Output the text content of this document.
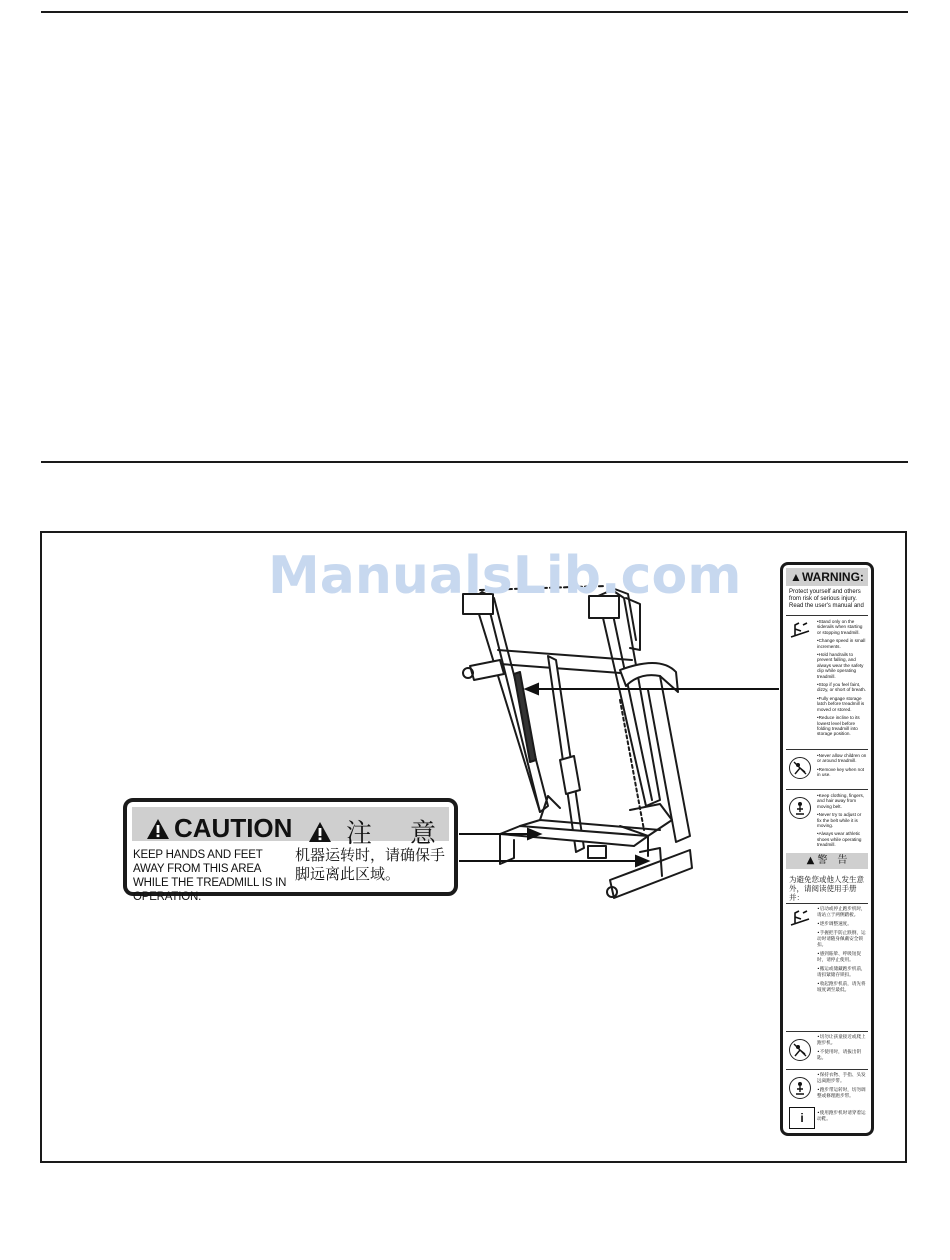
ManualsLib.com
CAUTION 注 意
KEEP HANDS AND FEET AWAY FROM THIS AREA WHILE THE TREADMILL IS IN OPERATION.
机器运转时，请确保手脚远离此区域。
▲WARNING:
Protect yourself and others from risk of serious injury. Read the user's manual and
•Stand only on the siderails when starting or stopping treadmill.
•Change speed in small increments.
•Hold handrails to prevent falling, and always wear the safety clip while operating treadmill.
•Stop if you feel faint, dizzy, or short of breath.
•Fully engage storage latch before treadmill is moved or stored.
•Reduce incline to its lowest level before folding treadmill into storage position.
•Never allow children on or around treadmill.
•Remove key when not in use.
•Keep clothing, fingers, and hair away from moving belt.
•Never try to adjust or fix the belt while it is moving.
•Always wear athletic shoes while operating treadmill.
▲ 警　告
为避免您或他人发生意外，请阅读使用手册并：
•启动或停止跑步机时，请站立于两侧踏板。
•逐步调整速度。
•手握把手防止跌倒，运动时请随身佩戴安全锁扣。
•感到眩晕、呼吸短促时，请停止使用。
•搬运或储藏跑步机前，请扣紧储存锁扣。
•收起跑步机前，请先将坡度调至最低。
•切勿让孩童接近或爬上跑步机。
•不使用时，请拔出钥匙。
•保持衣物、手指、头发远离跑步带。
•跑步带运转时，切勿调整或修理跑步带。
i	•使用跑步机时请穿着运动鞋。
